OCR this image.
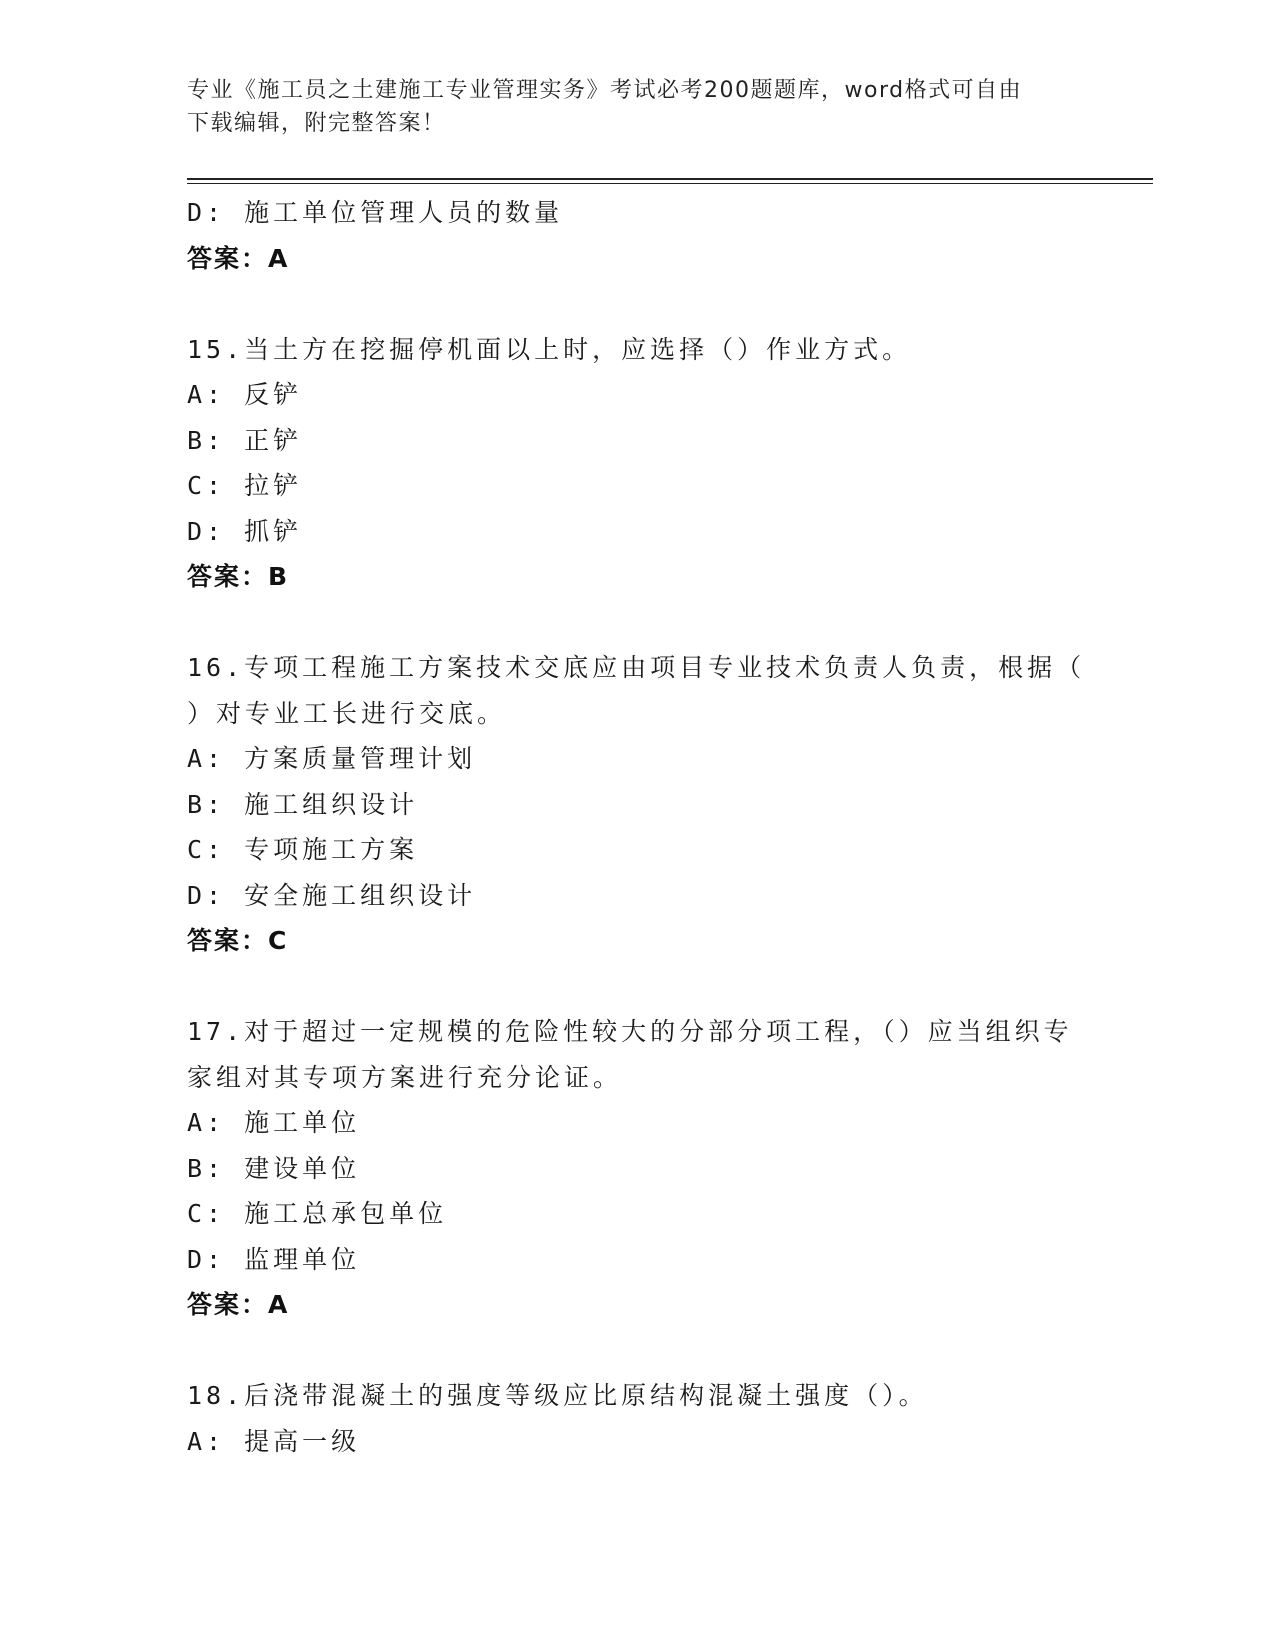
专业《施工员之土建施工专业管理实务》考试必考200题题库，word格式可自由
下载编辑，附完整答案！
D: 施工单位管理人员的数量
答案：A
15.当土方在挖掘停机面以上时，应选择（）作业方式。
A: 反铲
B: 正铲
C: 拉铲
D: 抓铲
答案：B
16.专项工程施工方案技术交底应由项目专业技术负责人负责，根据（
）对专业工长进行交底。
A: 方案质量管理计划
B: 施工组织设计
C: 专项施工方案
D: 安全施工组织设计
答案：C
17.对于超过一定规模的危险性较大的分部分项工程，（）应当组织专
家组对其专项方案进行充分论证。
A: 施工单位
B: 建设单位
C: 施工总承包单位
D: 监理单位
答案：A
18.后浇带混凝土的强度等级应比原结构混凝土强度（）。
A: 提高一级
